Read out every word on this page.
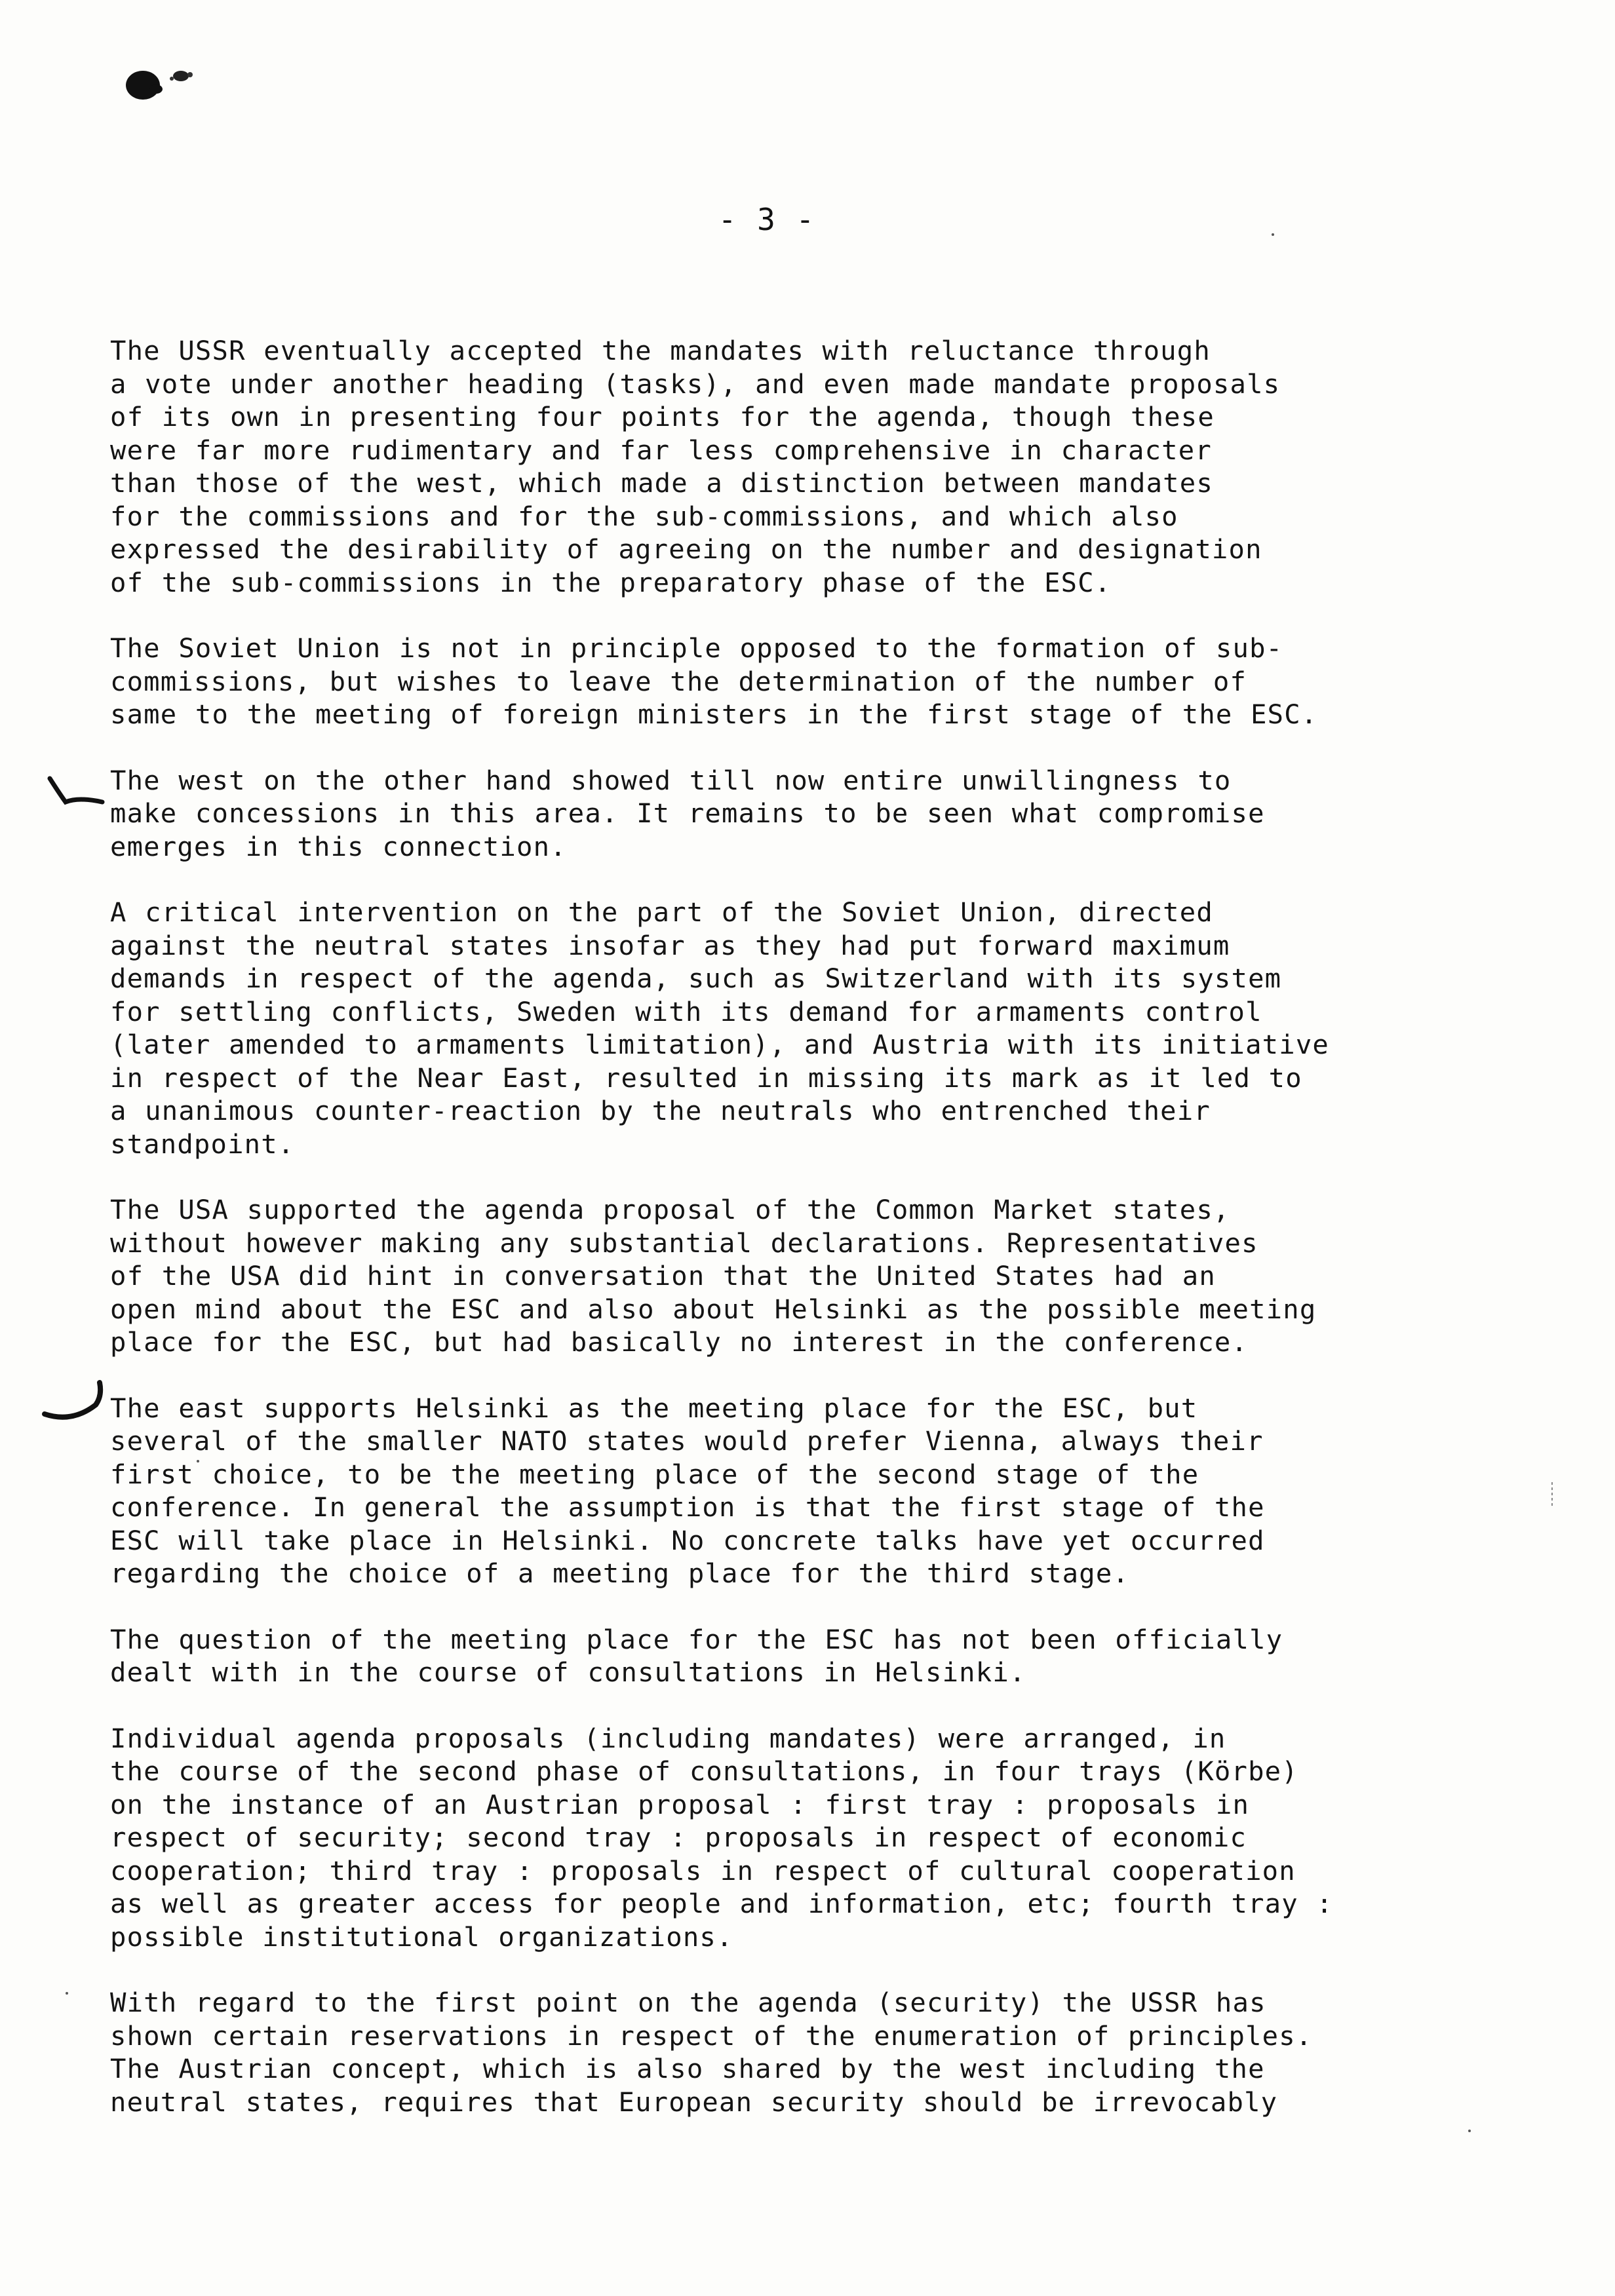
- 3 -

The USSR eventually accepted the mandates with reluctance through
a vote under another heading (tasks), and even made mandate proposals
of its own in presenting four points for the agenda, though these
were far more rudimentary and far less comprehensive in character
than those of the west, which made a distinction between mandates
for the commissions and for the sub-commissions, and which also
expressed the desirability of agreeing on the number and designation
of the sub-commissions in the preparatory phase of the ESC.

The Soviet Union is not in principle opposed to the formation of sub-
commissions, but wishes to leave the determination of the number of
same to the meeting of foreign ministers in the first stage of the ESC.

The west on the other hand showed till now entire unwillingness to
make concessions in this area. It remains to be seen what compromise
emerges in this connection.

A critical intervention on the part of the Soviet Union, directed
against the neutral states insofar as they had put forward maximum
demands in respect of the agenda, such as Switzerland with its system
for settling conflicts, Sweden with its demand for armaments control
(later amended to armaments limitation), and Austria with its initiative
in respect of the Near East, resulted in missing its mark as it led to
a unanimous counter-reaction by the neutrals who entrenched their
standpoint.

The USA supported the agenda proposal of the Common Market states,
without however making any substantial declarations. Representatives
of the USA did hint in conversation that the United States had an
open mind about the ESC and also about Helsinki as the possible meeting
place for the ESC, but had basically no interest in the conference.

The east supports Helsinki as the meeting place for the ESC, but
several of the smaller NATO states would prefer Vienna, always their
first choice, to be the meeting place of the second stage of the
conference. In general the assumption is that the first stage of the
ESC will take place in Helsinki. No concrete talks have yet occurred
regarding the choice of a meeting place for the third stage.

The question of the meeting place for the ESC has not been officially
dealt with in the course of consultations in Helsinki.

Individual agenda proposals (including mandates) were arranged, in
the course of the second phase of consultations, in four trays (Körbe)
on the instance of an Austrian proposal : first tray : proposals in
respect of security; second tray : proposals in respect of economic
cooperation; third tray : proposals in respect of cultural cooperation
as well as greater access for people and information, etc; fourth tray :
possible institutional organizations.

With regard to the first point on the agenda (security) the USSR has
shown certain reservations in respect of the enumeration of principles.
The Austrian concept, which is also shared by the west including the
neutral states, requires that European security should be irrevocably
